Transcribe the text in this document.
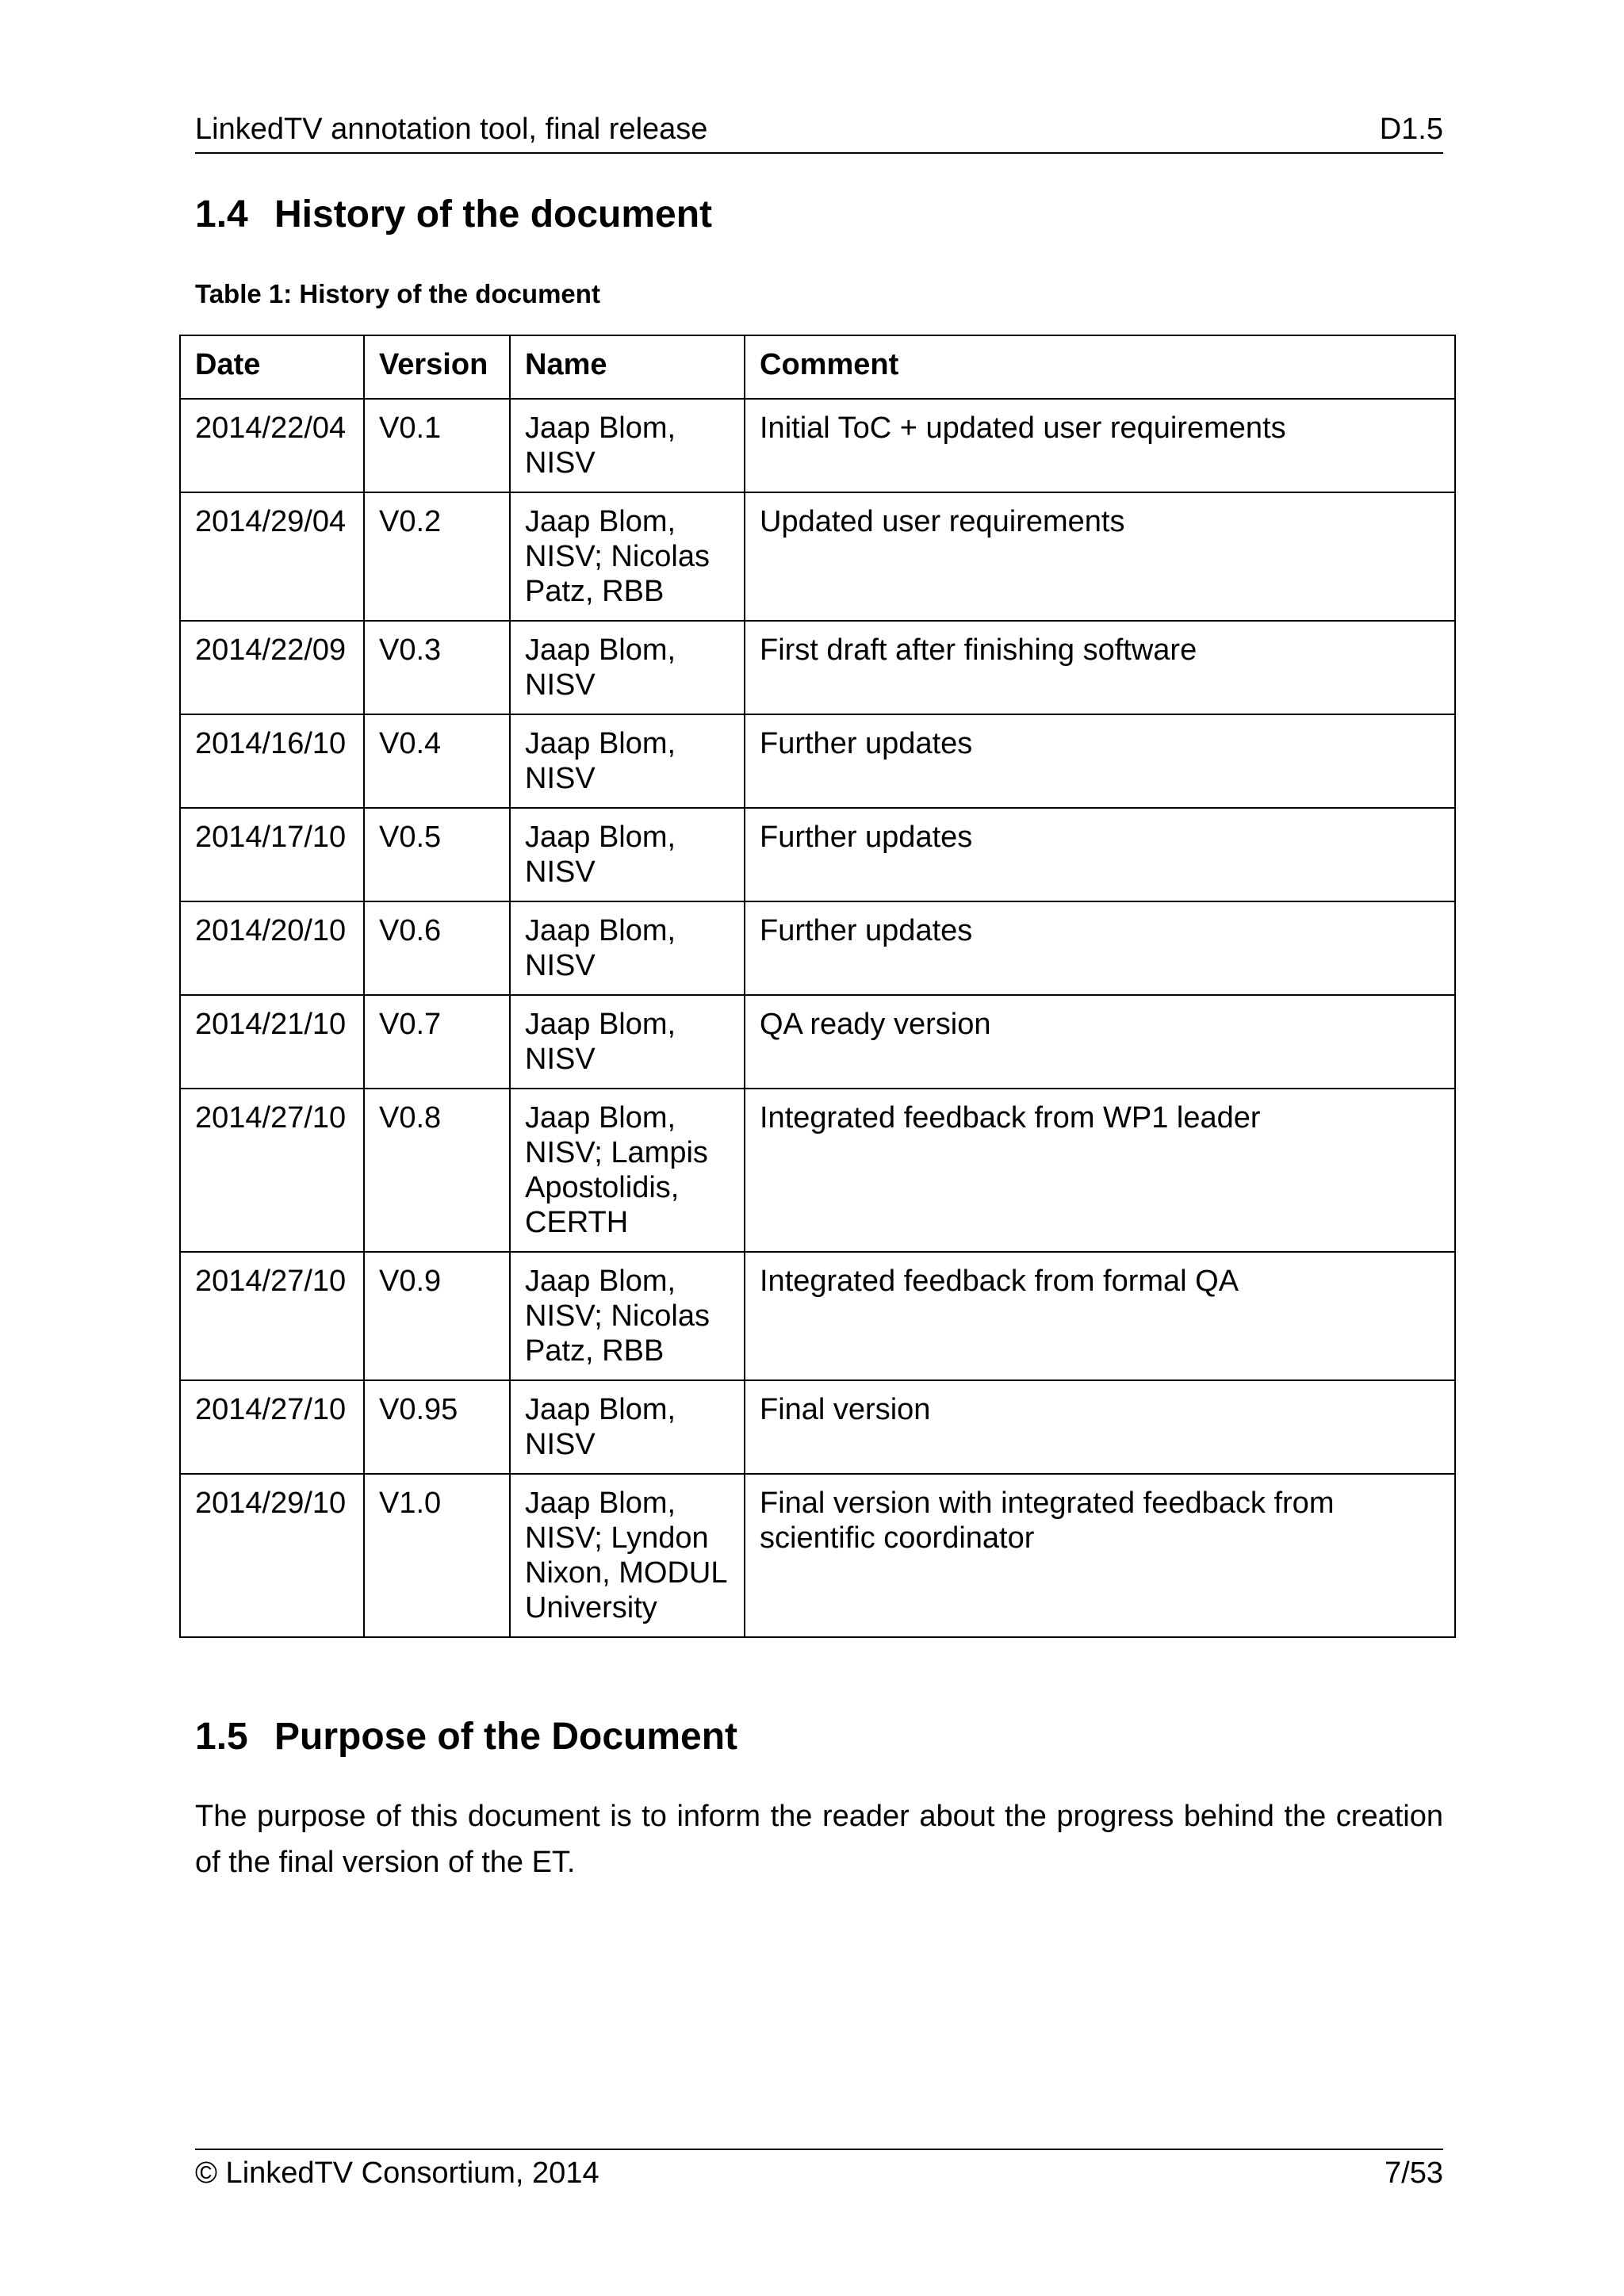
LinkedTV annotation tool, final release	D1.5
1.4 History of the document
Table 1: History of the document
Date	Version	Name	Comment
2014/22/04	V0.1	Jaap Blom, NISV	Initial ToC + updated user requirements
2014/29/04	V0.2	Jaap Blom, NISV; Nicolas Patz, RBB	Updated user requirements
2014/22/09	V0.3	Jaap Blom, NISV	First draft after finishing software
2014/16/10	V0.4	Jaap Blom, NISV	Further updates
2014/17/10	V0.5	Jaap Blom, NISV	Further updates
2014/20/10	V0.6	Jaap Blom, NISV	Further updates
2014/21/10	V0.7	Jaap Blom, NISV	QA ready version
2014/27/10	V0.8	Jaap Blom, NISV; Lampis Apostolidis, CERTH	Integrated feedback from WP1 leader
2014/27/10	V0.9	Jaap Blom, NISV; Nicolas Patz, RBB	Integrated feedback from formal QA
2014/27/10	V0.95	Jaap Blom, NISV	Final version
2014/29/10	V1.0	Jaap Blom, NISV; Lyndon Nixon, MODUL University	Final version with integrated feedback from scientific coordinator
1.5 Purpose of the Document
The purpose of this document is to inform the reader about the progress behind the creation of the final version of the ET.
© LinkedTV Consortium, 2014	7/53
